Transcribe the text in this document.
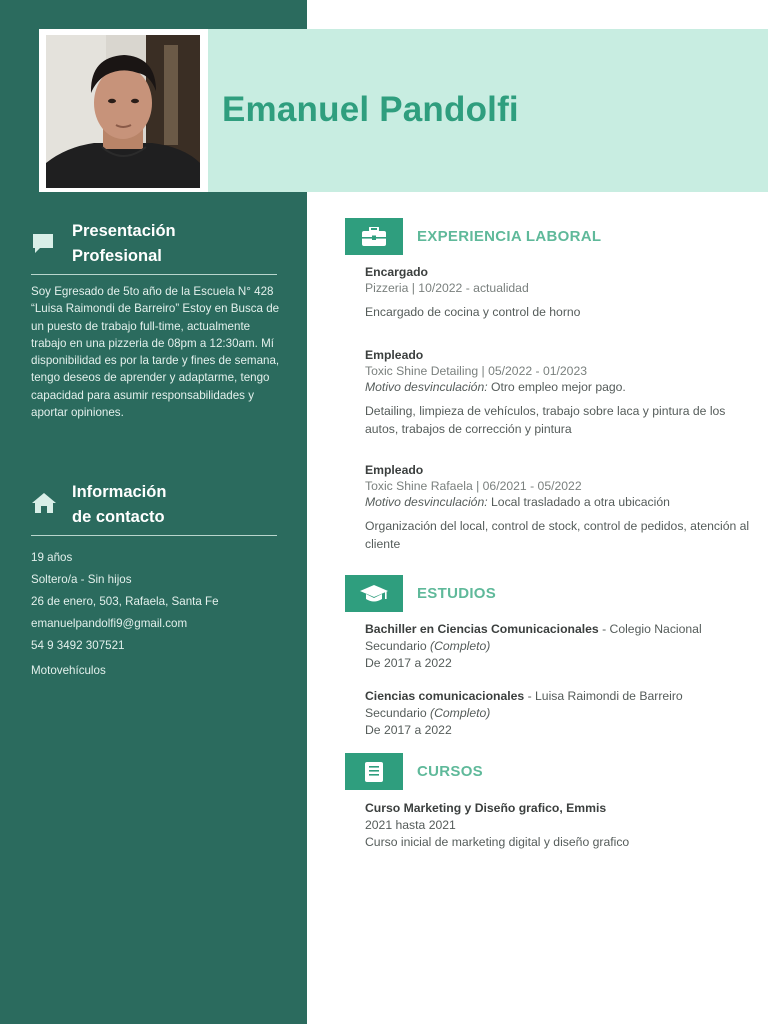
Emanuel Pandolfi
Presentación
Profesional
Soy Egresado de 5to año de la Escuela N° 428 “Luisa Raimondi de Barreiro” Estoy en Busca de un puesto de trabajo full-time, actualmente trabajo en una pizzeria de 08pm a 12:30am. Mí disponibilidad es por la tarde y fines de semana, tengo deseos de aprender y adaptarme, tengo capacidad para asumir responsabilidades y aportar opiniones.
Información
de contacto
19 años
Soltero/a - Sin hijos
26 de enero, 503, Rafaela, Santa Fe
emanuelpandolfi9@gmail.com
54 9 3492 307521
Motovehículos
EXPERIENCIA LABORAL
Encargado
Pizzeria | 10/2022 - actualidad
Encargado de cocina y control de horno
Empleado
Toxic Shine Detailing | 05/2022 - 01/2023
Motivo desvinculación: Otro empleo mejor pago.
Detailing, limpieza de vehículos, trabajo sobre laca y pintura de los autos, trabajos de corrección y pintura
Empleado
Toxic Shine Rafaela | 06/2021 - 05/2022
Motivo desvinculación: Local trasladado a otra ubicación
Organización del local, control de stock, control de pedidos, atención al cliente
ESTUDIOS
Bachiller en Ciencias Comunicacionales - Colegio Nacional
Secundario (Completo)
De 2017 a 2022
Ciencias comunicacionales - Luisa Raimondi de Barreiro
Secundario (Completo)
De 2017 a 2022
CURSOS
Curso Marketing y Diseño grafico, Emmis
2021 hasta 2021
Curso inicial de marketing digital y diseño grafico
